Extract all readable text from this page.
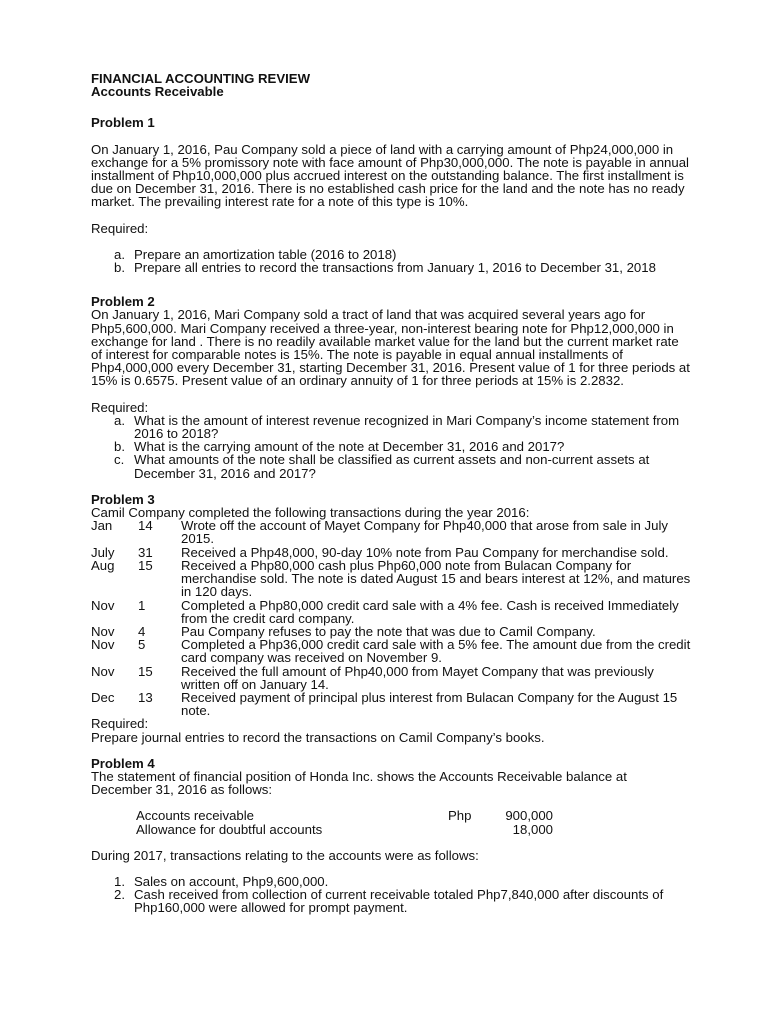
FINANCIAL ACCOUNTING REVIEW

Accounts Receivable

Problem 1

On January 1, 2016, Pau Company sold a piece of land with a carrying amount of Php24,000,000 in exchange for a 5% promissory note with face amount of Php30,000,000. The note is payable in annual installment of Php10,000,000 plus accrued interest on the outstanding balance. The first installment is due on December 31, 2016. There is no established cash price for the land and the note has no ready market. The prevailing interest rate for a note of this type is 10%.

Required:

a. Prepare an amortization table (2016 to 2018)
b. Prepare all entries to record the transactions from January 1, 2016 to December 31, 2018

Problem 2

On January 1, 2016, Mari Company sold a tract of land that was acquired several years ago for Php5,600,000. Mari Company received a three-year, non-interest bearing note for Php12,000,000 in exchange for land . There is no readily available market value for the land but the current market rate of interest for comparable notes is 15%. The note is payable in equal annual installments of Php4,000,000 every December 31, starting December 31, 2016. Present value of 1 for three periods at 15% is 0.6575. Present value of an ordinary annuity of 1 for three periods at 15% is 2.2832.

Required:

a. What is the amount of interest revenue recognized in Mari Company’s income statement from 2016 to 2018?
b. What is the carrying amount of the note at December 31, 2016 and 2017?
c. What amounts of the note shall be classified as current assets and non-current assets at December 31, 2016 and 2017?

Problem 3

Camil Company completed the following transactions during the year 2016:

Jan	14	Wrote off the account of Mayet Company for Php40,000 that arose from sale in July 2015.
July	31	Received a Php48,000, 90-day 10% note from Pau Company for merchandise sold.
Aug	15	Received a Php80,000 cash plus Php60,000 note from Bulacan Company for merchandise sold. The note is dated August 15 and bears interest at 12%, and matures in 120 days.
Nov	1	Completed a Php80,000 credit card sale with a 4% fee. Cash is received Immediately from the credit card company.
Nov	4	Pau Company refuses to pay the note that was due to Camil Company.
Nov	5	Completed a Php36,000 credit card sale with a 5% fee. The amount due from the credit card company was received on November 9.
Nov	15	Received the full amount of Php40,000 from Mayet Company that was previously written off on January 14.
Dec	13	Received payment of principal plus interest from Bulacan Company for the August 15 note.

Required:

Prepare journal entries to record the transactions on Camil Company’s books.

Problem 4

The statement of financial position of Honda Inc. shows the Accounts Receivable balance at December 31, 2016 as follows:

Accounts receivable	Php	900,000
Allowance for doubtful accounts	18,000

During 2017, transactions relating to the accounts were as follows:

1. Sales on account, Php9,600,000.
2. Cash received from collection of current receivable totaled Php7,840,000 after discounts of Php160,000 were allowed for prompt payment.
